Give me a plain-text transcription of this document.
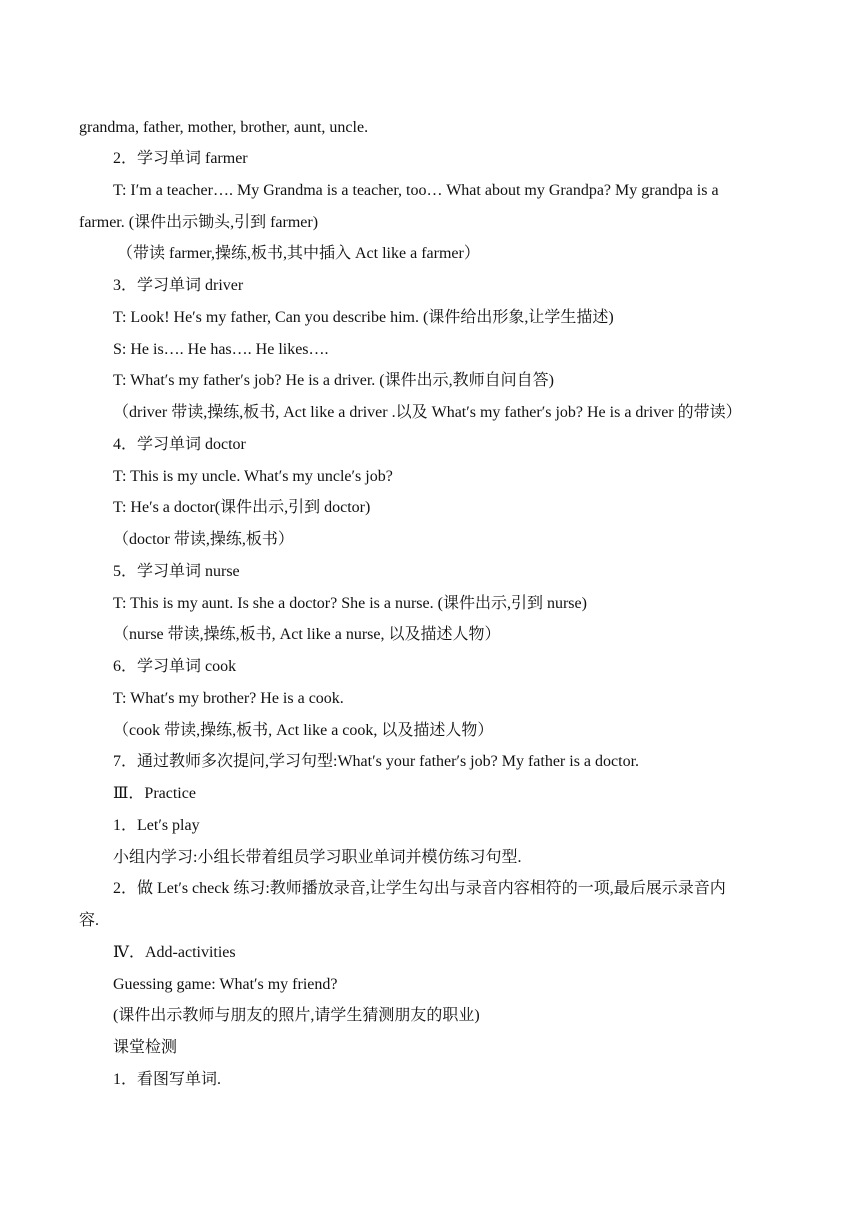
grandma, father, mother, brother, aunt, uncle.
2．学习单词 farmer
T: I′m a teacher…. My Grandma is a teacher, too… What about my Grandpa? My grandpa is a
farmer. (课件出示锄头,引到 farmer)
（带读 farmer,操练,板书,其中插入 Act like a farmer）
3．学习单词 driver
T: Look! He′s my father, Can you describe him. (课件给出形象,让学生描述)
S: He is…. He has…. He likes….
T: What′s my father′s job? He is a driver. (课件出示,教师自问自答)
（driver 带读,操练,板书, Act like a driver .以及 What′s my father′s job? He is a driver 的带读）
4．学习单词 doctor
T: This is my uncle. What′s my uncle′s job?
T: He′s a doctor(课件出示,引到 doctor)
（doctor 带读,操练,板书）
5．学习单词 nurse
T: This is my aunt. Is she a doctor? She is a nurse. (课件出示,引到 nurse)
（nurse 带读,操练,板书, Act like a nurse, 以及描述人物）
6．学习单词 cook
T: What′s my brother? He is a cook.
（cook 带读,操练,板书, Act like a cook, 以及描述人物）
7．通过教师多次提问,学习句型:What′s your father′s job? My father is a doctor.
Ⅲ．Practice
1．Let′s play
小组内学习:小组长带着组员学习职业单词并模仿练习句型.
2．做 Let′s check 练习:教师播放录音,让学生勾出与录音内容相符的一项,最后展示录音内
容.
Ⅳ．Add-activities
Guessing game: What′s my friend?
(课件出示教师与朋友的照片,请学生猜测朋友的职业)
课堂检测
1．看图写单词.
